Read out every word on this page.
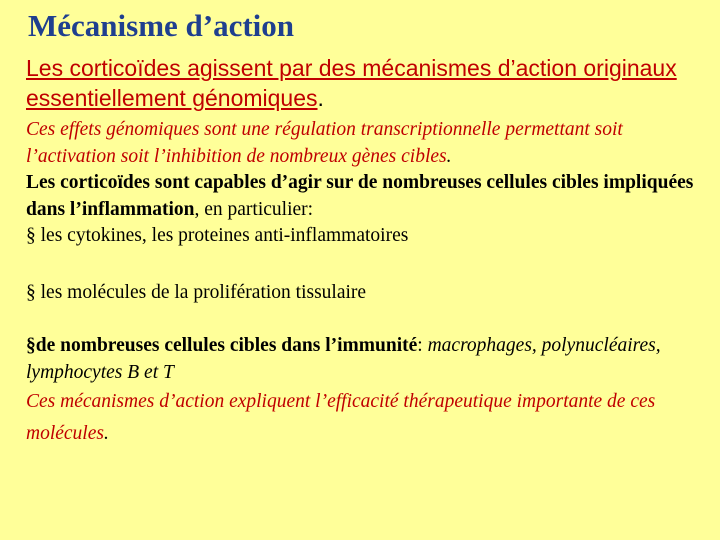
Mécanisme d’action
Les corticoïdes agissent par des mécanismes d’action originaux essentiellement génomiques.

Ces effets génomiques sont une régulation transcriptionnelle permettant soit l’activation soit l’inhibition de nombreux gènes cibles.

Les corticoïdes sont capables d’agir sur de nombreuses cellules cibles impliquées dans l’inflammation, en particulier:

§ les cytokines, les proteines anti-inflammatoires

§ les molécules de la prolifération tissulaire

§de nombreuses cellules cibles dans l’immunité: macrophages, polynucléaires, lymphocytes B et T

Ces mécanismes d’action expliquent l’efficacité thérapeutique importante de ces molécules.
